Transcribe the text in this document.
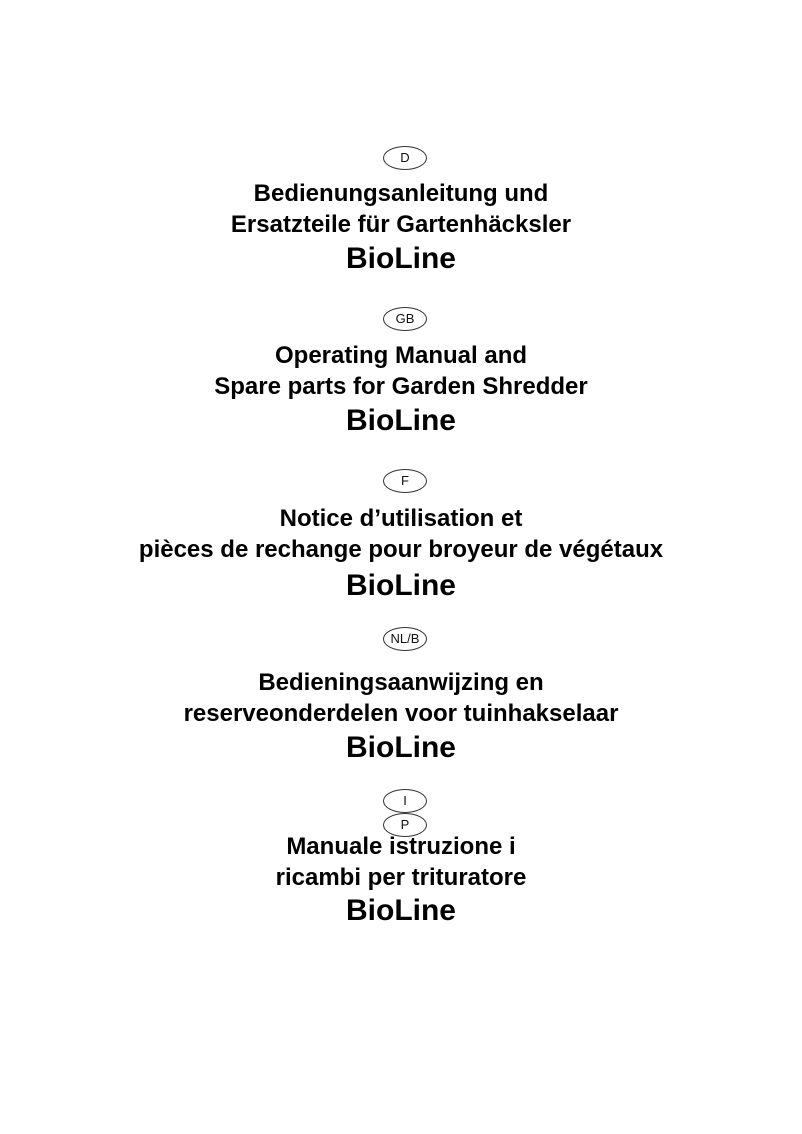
D
Bedienungsanleitung und
Ersatzteile für Gartenhäcksler
BioLine
GB
Operating Manual and
Spare parts for Garden Shredder
BioLine
F
Notice d’utilisation et
pièces de rechange pour broyeur de végétaux
BioLine
NL/B
Bedieningsaanwijzing en
reserveonderdelen voor tuinhakselaar
BioLine
I
P
Manuale istruzione i
ricambi per trituratore
BioLine
